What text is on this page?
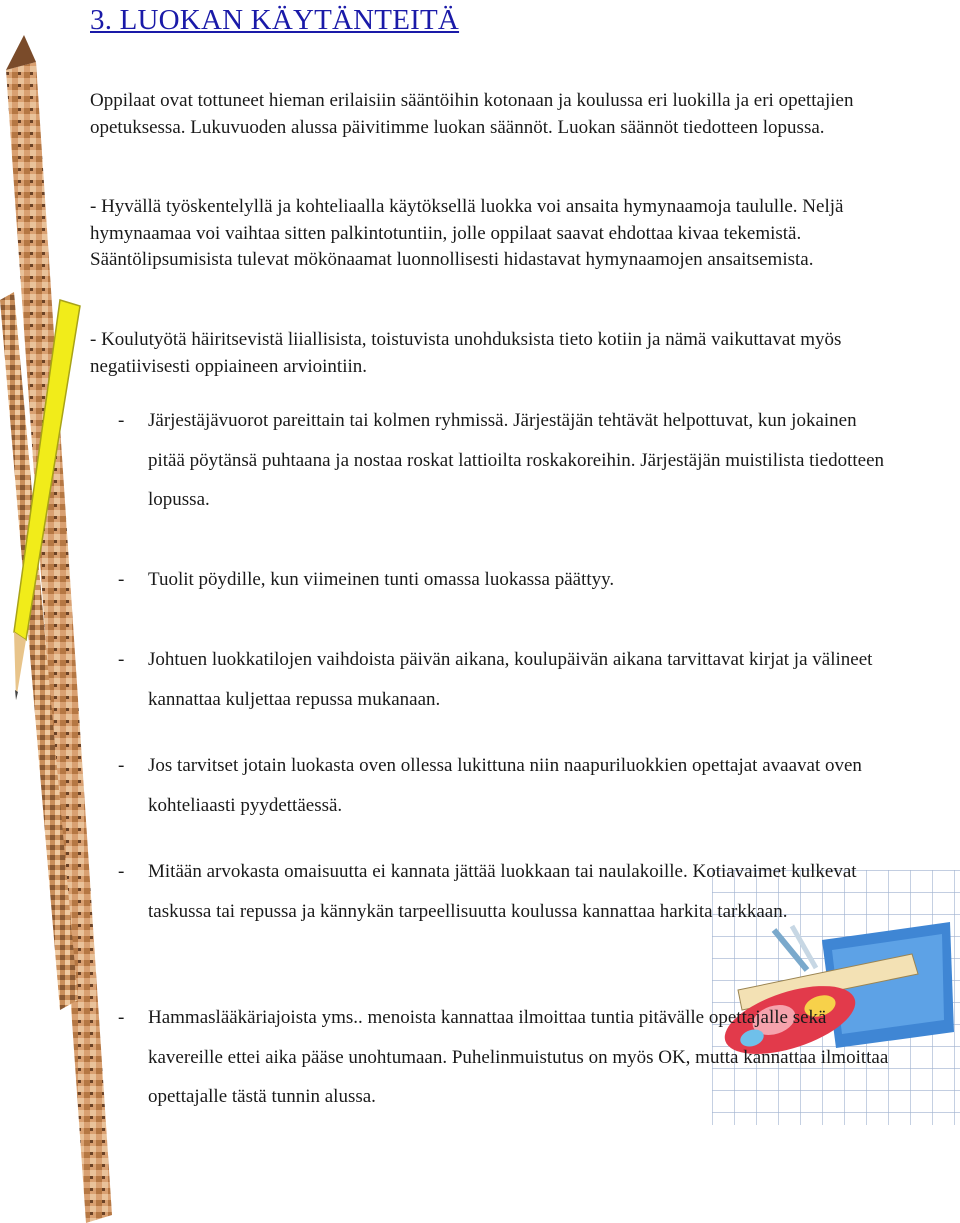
3. LUOKAN KÄYTÄNTEITÄ

Oppilaat ovat tottuneet hieman erilaisiin sääntöihin kotonaan ja koulussa eri luokilla ja eri opettajien opetuksessa. Lukuvuoden alussa päivitimme luokan säännöt. Luokan säännöt tiedotteen lopussa.

- Hyvällä työskentelyllä ja kohteliaalla käytöksellä luokka voi ansaita hymynaamoja taululle. Neljä hymynaamaa voi vaihtaa sitten palkintotuntiin, jolle oppilaat saavat ehdottaa kivaa tekemistä. Sääntölipsumisista tulevat mökönaamat luonnollisesti hidastavat hymynaamojen ansaitsemista.

- Koulutyötä häiritsevistä liiallisista, toistuvista unohduksista tieto kotiin ja nämä vaikuttavat myös negatiivisesti oppiaineen arviointiin.

- Järjestäjävuorot pareittain tai kolmen ryhmissä. Järjestäjän tehtävät helpottuvat, kun jokainen pitää pöytänsä puhtaana ja nostaa roskat lattioilta roskakoreihin. Järjestäjän muistilista tiedotteen lopussa.
- Tuolit pöydille, kun viimeinen tunti omassa luokassa päättyy.
- Johtuen luokkatilojen vaihdoista päivän aikana, koulupäivän aikana tarvittavat kirjat ja välineet kannattaa kuljettaa repussa mukanaan.
- Jos tarvitset jotain luokasta oven ollessa lukittuna niin naapuriluokkien opettajat avaavat oven kohteliaasti pyydettäessä.
- Mitään arvokasta omaisuutta ei kannata jättää luokkaan tai naulakoille. Kotiavaimet kulkevat taskussa tai repussa ja kännykän tarpeellisuutta koulussa kannattaa harkita tarkkaan.
- Hammaslääkäriajoista yms.. menoista kannattaa ilmoittaa tuntia pitävälle opettajalle sekä kavereille ettei aika pääse unohtumaan. Puhelinmuistutus on myös OK, mutta kannattaa ilmoittaa opettajalle tästä tunnin alussa.
